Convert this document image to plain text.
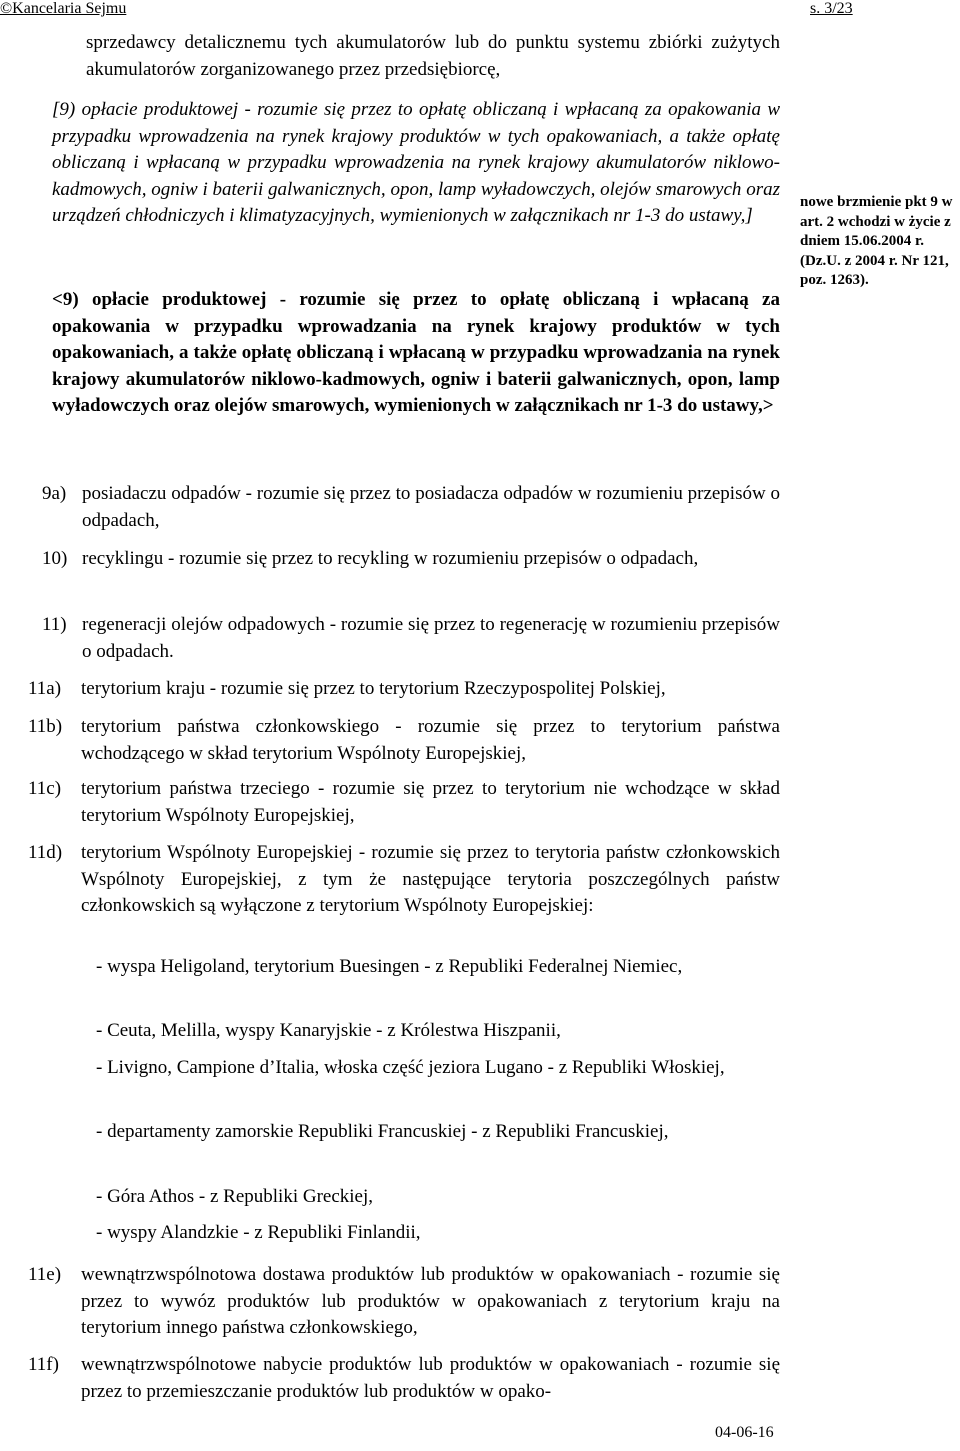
©Kancelaria Sejmu	s. 3/23

sprzedawcy detalicznemu tych akumulatorów lub do punktu systemu zbiórki zużytych akumulatorów zorganizowanego przez przedsiębiorcę,

[9) opłacie produktowej - rozumie się przez to opłatę obliczaną i wpłacaną za opakowania w przypadku wprowadzenia na rynek krajowy produktów w tych opakowaniach, a także opłatę obliczaną i wpłacaną w przypadku wprowadzenia na rynek krajowy akumulatorów niklowo-kadmowych, ogniw i baterii galwanicznych, opon, lamp wyładowczych, olejów smarowych oraz urządzeń chłodniczych i klimatyzacyjnych, wymienionych w załącznikach nr 1-3 do ustawy,]

<9) opłacie produktowej - rozumie się przez to opłatę obliczaną i wpłacaną za opakowania w przypadku wprowadzania na rynek krajowy produktów w tych opakowaniach, a także opłatę obliczaną i wpłacaną w przypadku wprowadzania na rynek krajowy akumulatorów niklowo-kadmowych, ogniw i baterii galwanicznych, opon, lamp wyładowczych oraz olejów smarowych, wymienionych w załącznikach nr 1-3 do ustawy,>

nowe brzmienie pkt 9 w art. 2 wchodzi w życie z dniem 15.06.2004 r. (Dz.U. z 2004 r. Nr 121, poz. 1263).

9a) posiadaczu odpadów - rozumie się przez to posiadacza odpadów w rozumieniu przepisów o odpadach,

10) recyklingu - rozumie się przez to recykling w rozumieniu przepisów o odpadach,

11) regeneracji olejów odpadowych - rozumie się przez to regenerację w rozumieniu przepisów o odpadach.

11a) terytorium kraju - rozumie się przez to terytorium Rzeczypospolitej Polskiej,

11b) terytorium państwa członkowskiego - rozumie się przez to terytorium państwa wchodzącego w skład terytorium Wspólnoty Europejskiej,

11c) terytorium państwa trzeciego - rozumie się przez to terytorium nie wchodzące w skład terytorium Wspólnoty Europejskiej,

11d) terytorium Wspólnoty Europejskiej - rozumie się przez to terytoria państw członkowskich Wspólnoty Europejskiej, z tym że następujące terytoria poszczególnych państw członkowskich są wyłączone z terytorium Wspólnoty Europejskiej:

- wyspa Heligoland, terytorium Buesingen - z Republiki Federalnej Niemiec,

- Ceuta, Melilla, wyspy Kanaryjskie - z Królestwa Hiszpanii,

- Livigno, Campione d’Italia, włoska część jeziora Lugano - z Republiki Włoskiej,

- departamenty zamorskie Republiki Francuskiej - z Republiki Francuskiej,

- Góra Athos - z Republiki Greckiej,

- wyspy Alandzkie - z Republiki Finlandii,

11e) wewnątrzwspólnotowa dostawa produktów lub produktów w opakowaniach - rozumie się przez to wywóz produktów lub produktów w opakowaniach z terytorium kraju na terytorium innego państwa członkowskiego,

11f) wewnątrzwspólnotowe nabycie produktów lub produktów w opakowaniach - rozumie się przez to przemieszczanie produktów lub produktów w opako-

04-06-16
